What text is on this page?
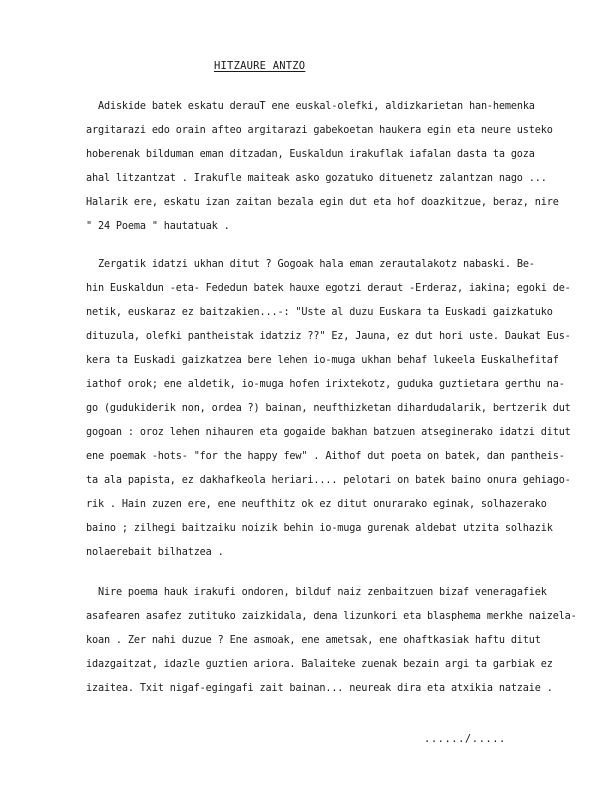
HITZAURE ANTZO
Adiskide batek eskatu derauT ene euskal-olefki, aldizkarietan han-hemenka
argitarazi edo orain afteo argitarazi gabekoetan haukera egin eta neure usteko
hoberenak bilduman eman ditzadan, Euskaldun irakuflak iafalan dasta ta goza
ahal litzantzat . Irakufle maiteak asko gozatuko dituenetz zalantzan nago ...
Halarik ere, eskatu izan zaitan bezala egin dut eta hof doazkitzue, beraz, nire
" 24 Poema " hautatuak .
Zergatik idatzi ukhan ditut ? Gogoak hala eman zerautalakotz nabaski. Be-
hin Euskaldun -eta- Fededun batek hauxe egotzi deraut -Erderaz, iakina; egoki de-
netik, euskaraz ez baitzakien...-: "Uste al duzu Euskara ta Euskadi gaizkatuko
dituzula, olefki pantheistak idatziz ??" Ez, Jauna, ez dut hori uste. Daukat Eus-
kera ta Euskadi gaizkatzea bere lehen io-muga ukhan behaf lukeela Euskalhefitaf
iathof orok; ene aldetik, io-muga hofen irixtekotz, guduka guztietara gerthu na-
go (gudukiderik non, ordea ?) bainan, neufthizketan dihardudalarik, bertzerik dut
gogoan : oroz lehen nihauren eta gogaide bakhan batzuen atseginerako idatzi ditut
ene poemak -hots- "for the happy few" . Aithof dut poeta on batek, dan pantheis-
ta ala papista, ez dakhafkeola heriari.... pelotari on batek baino onura gehiago-
rik . Hain zuzen ere, ene neufthitz ok ez ditut onurarako eginak, solhazerako
baino ; zilhegi baitzaiku noizik behin io-muga gurenak aldebat utzita solhazik
nolaerebait bilhatzea .
Nire poema hauk irakufi ondoren, bilduf naiz zenbaitzuen bizaf veneragafiek
asafearen asafez zutituko zaizkidala, dena lizunkori eta blasphema merkhe naizela-
koan . Zer nahi duzue ? Ene asmoak, ene ametsak, ene ohaftkasiak haftu ditut
idazgaitzat, idazle guztien ariora. Balaiteke zuenak bezain argi ta garbiak ez
izaitea. Txit nigaf-egingafi zait bainan... neureak dira eta atxikia natzaie .
....../.....
